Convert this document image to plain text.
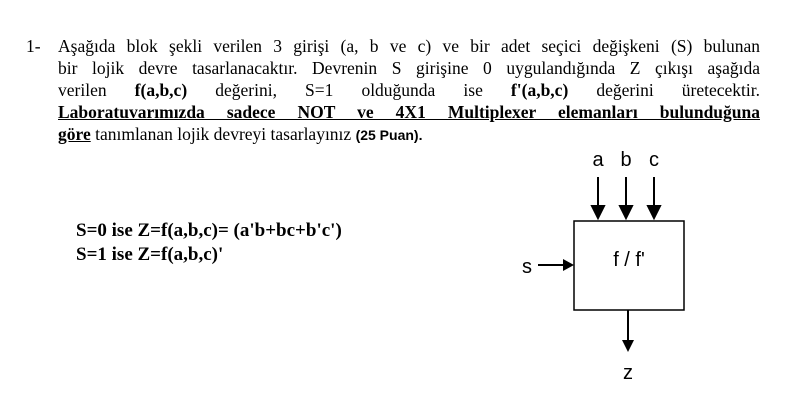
1- Aşağıda blok şekli verilen 3 girişi (a, b ve c) ve bir adet seçici değişkeni (S) bulunan
bir lojik devre tasarlanacaktır. Devrenin S girişine 0 uygulandığında Z çıkışı aşağıda
verilen f(a,b,c) değerini, S=1 olduğunda ise f'(a,b,c) değerini üretecektir.
Laboratuvarımızda sadece NOT ve 4X1 Multiplexer elemanları bulunduğuna
göre tanımlanan lojik devreyi tasarlayınız (25 Puan).
S=0 ise Z=f(a,b,c)= (a'b+bc+b'c')
S=1 ise Z=f(a,b,c)'
a b c
f / f'
s
z
